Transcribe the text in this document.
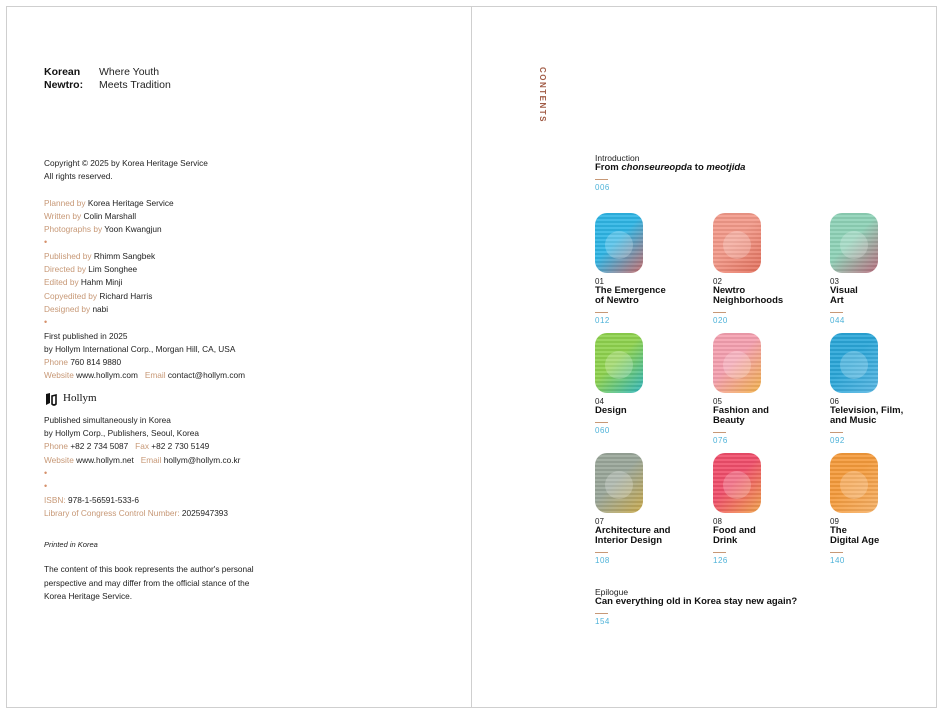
Korean	Where Youth
Newtro:	Meets Tradition
Copyright © 2025 by Korea Heritage Service
All rights reserved.
Planned by Korea Heritage Service
Written by Colin Marshall
Photographs by Yoon Kwangjun
•
Published by Rhimm Sangbek
Directed by Lim Songhee
Edited by Hahm Minji
Copyedited by Richard Harris
Designed by nabi
•
First published in 2025
by Hollym International Corp., Morgan Hill, CA, USA
Phone 760 814 9880
Website www.hollym.com Email contact@hollym.com
Hollym
Published simultaneously in Korea
by Hollym Corp., Publishers, Seoul, Korea
Phone +82 2 734 5087 Fax +82 2 730 5149
Website www.hollym.net Email hollym@hollym.co.kr
•
•
ISBN: 978-1-56591-533-6
Library of Congress Control Number: 2025947393
Printed in Korea
The content of this book represents the author's personal
perspective and may differ from the official stance of the
Korea Heritage Service.
CONTENTS
Introduction
From chonseureopda to meotjida
006
01
The Emergence
of Newtro
012
02
Newtro
Neighborhoods
020
03
Visual
Art
044
04
Design
060
05
Fashion and
Beauty
076
06
Television, Film,
and Music
092
07
Architecture and
Interior Design
108
08
Food and
Drink
126
09
The
Digital Age
140
Epilogue
Can everything old in Korea stay new again?
154
